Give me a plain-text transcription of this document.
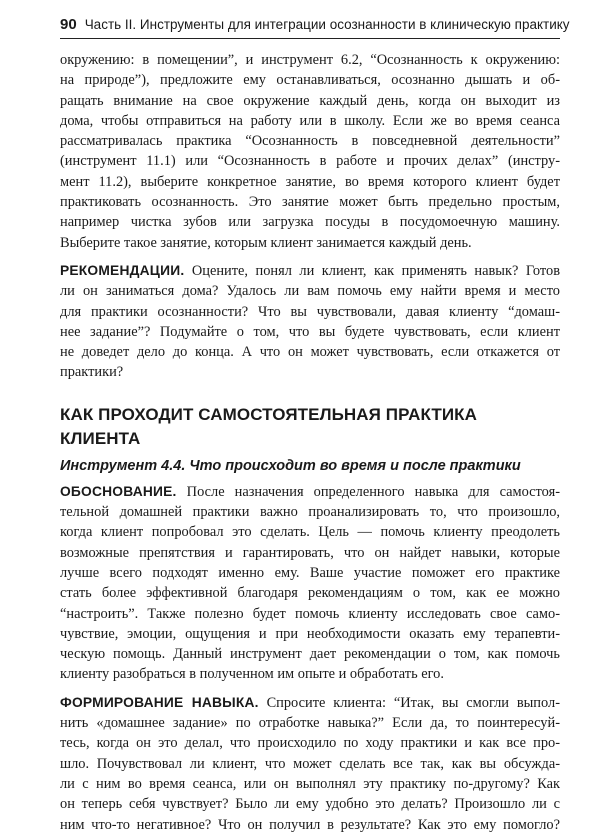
90 Часть II. Инструменты для интеграции осознанности в клиническую практику
окружению: в помещении”, и инструмент 6.2, “Осознанность к окружению:
на природе”), предложите ему останавливаться, осознанно дышать и об-
ращать внимание на свое окружение каждый день, когда он выходит из
дома, чтобы отправиться на работу или в школу. Если же во время сеанса
рассматривалась практика “Осознанность в повседневной деятельности”
(инструмент 11.1) или “Осознанность в работе и прочих делах” (инстру-
мент 11.2), выберите конкретное занятие, во время которого клиент будет
практиковать осознанность. Это занятие может быть предельно простым,
например чистка зубов или загрузка посуды в посудомоечную машину.
Выберите такое занятие, которым клиент занимается каждый день.
РЕКОМЕНДАЦИИ. Оцените, понял ли клиент, как применять навык? Готов
ли он заниматься дома? Удалось ли вам помочь ему найти время и место
для практики осознанности? Что вы чувствовали, давая клиенту “домаш-
нее задание”? Подумайте о том, что вы будете чувствовать, если клиент
не доведет дело до конца. А что он может чувствовать, если откажется от
практики?
КАК ПРОХОДИТ САМОСТОЯТЕЛЬНАЯ ПРАКТИКА КЛИЕНТА
Инструмент 4.4. Что происходит во время и после практики
ОБОСНОВАНИЕ. После назначения определенного навыка для самостоя-
тельной домашней практики важно проанализировать то, что произошло,
когда клиент попробовал это сделать. Цель — помочь клиенту преодолеть
возможные препятствия и гарантировать, что он найдет навыки, которые
лучше всего подходят именно ему. Ваше участие поможет его практике
стать более эффективной благодаря рекомендациям о том, как ее можно
“настроить”. Также полезно будет помочь клиенту исследовать свое само-
чувствие, эмоции, ощущения и при необходимости оказать ему терапевти-
ческую помощь. Данный инструмент дает рекомендации о том, как помочь
клиенту разобраться в полученном им опыте и обработать его.
ФОРМИРОВАНИЕ НАВЫКА. Спросите клиента: “Итак, вы смогли выпол-
нить «домашнее задание» по отработке навыка?” Если да, то поинтересуй-
тесь, когда он это делал, что происходило по ходу практики и как все про-
шло. Почувствовал ли клиент, что может сделать все так, как вы обсужда-
ли с ним во время сеанса, или он выполнял эту практику по-другому? Как
он теперь себя чувствует? Было ли ему удобно это делать? Произошло ли с
ним что-то негативное? Что он получил в результате? Как это ему помогло?
